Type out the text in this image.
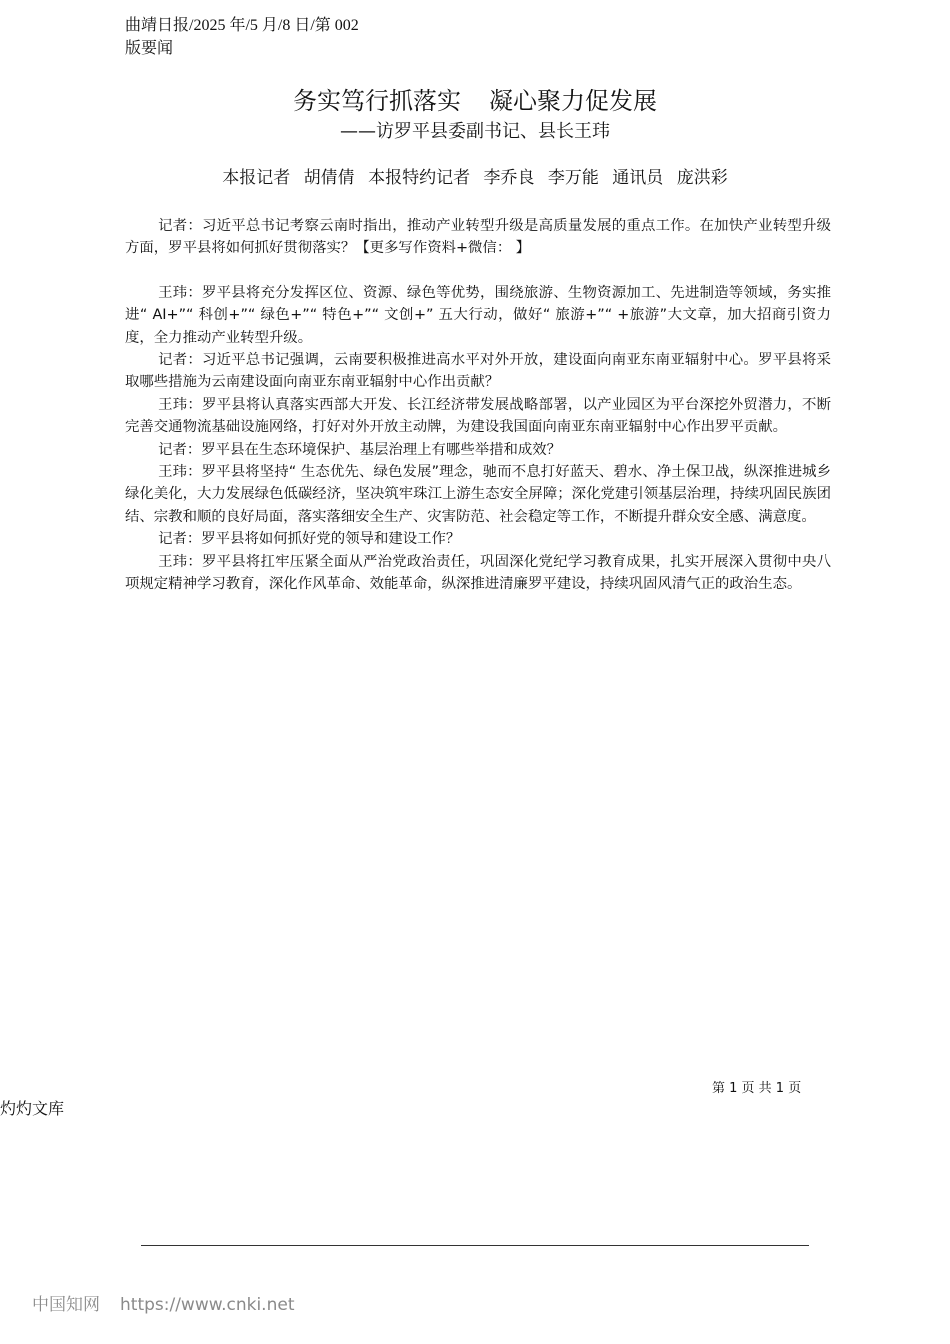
曲靖日报/2025 年/5 月/8 日/第 002
版要闻
务实笃行抓落实 凝心聚力促发展
——访罗平县委副书记、县长王玮
本报记者 胡倩倩 本报特约记者 李乔良 李万能 通讯员 庞洪彩

记者：习近平总书记考察云南时指出，推动产业转型升级是高质量发展的重点工作。在加快产业转型升级方面，罗平县将如何抓好贯彻落实？【更多写作资料+微信： 】

王玮：罗平县将充分发挥区位、资源、绿色等优势，围绕旅游、生物资源加工、先进制造等领域，务实推进“ AI+”“ 科创+”“ 绿色+”“ 特色+”“ 文创+” 五大行动，做好“ 旅游+”“ +旅游”大文章，加大招商引资力度，全力推动产业转型升级。

记者：习近平总书记强调，云南要积极推进高水平对外开放，建设面向南亚东南亚辐射中心。罗平县将采取哪些措施为云南建设面向南亚东南亚辐射中心作出贡献？

王玮：罗平县将认真落实西部大开发、长江经济带发展战略部署，以产业园区为平台深挖外贸潜力，不断完善交通物流基础设施网络，打好对外开放主动牌，为建设我国面向南亚东南亚辐射中心作出罗平贡献。

记者：罗平县在生态环境保护、基层治理上有哪些举措和成效？

王玮：罗平县将坚持“ 生态优先、绿色发展”理念，驰而不息打好蓝天、碧水、净土保卫战，纵深推进城乡绿化美化，大力发展绿色低碳经济，坚决筑牢珠江上游生态安全屏障；深化党建引领基层治理，持续巩固民族团结、宗教和顺的良好局面，落实落细安全生产、灾害防范、社会稳定等工作，不断提升群众安全感、满意度。

记者：罗平县将如何抓好党的领导和建设工作？

王玮：罗平县将扛牢压紧全面从严治党政治责任，巩固深化党纪学习教育成果，扎实开展深入贯彻中央八项规定精神学习教育，深化作风革命、效能革命，纵深推进清廉罗平建设，持续巩固风清气正的政治生态。

第 1 页 共 1 页
灼灼文库
中国知网 https://www.cnki.net
